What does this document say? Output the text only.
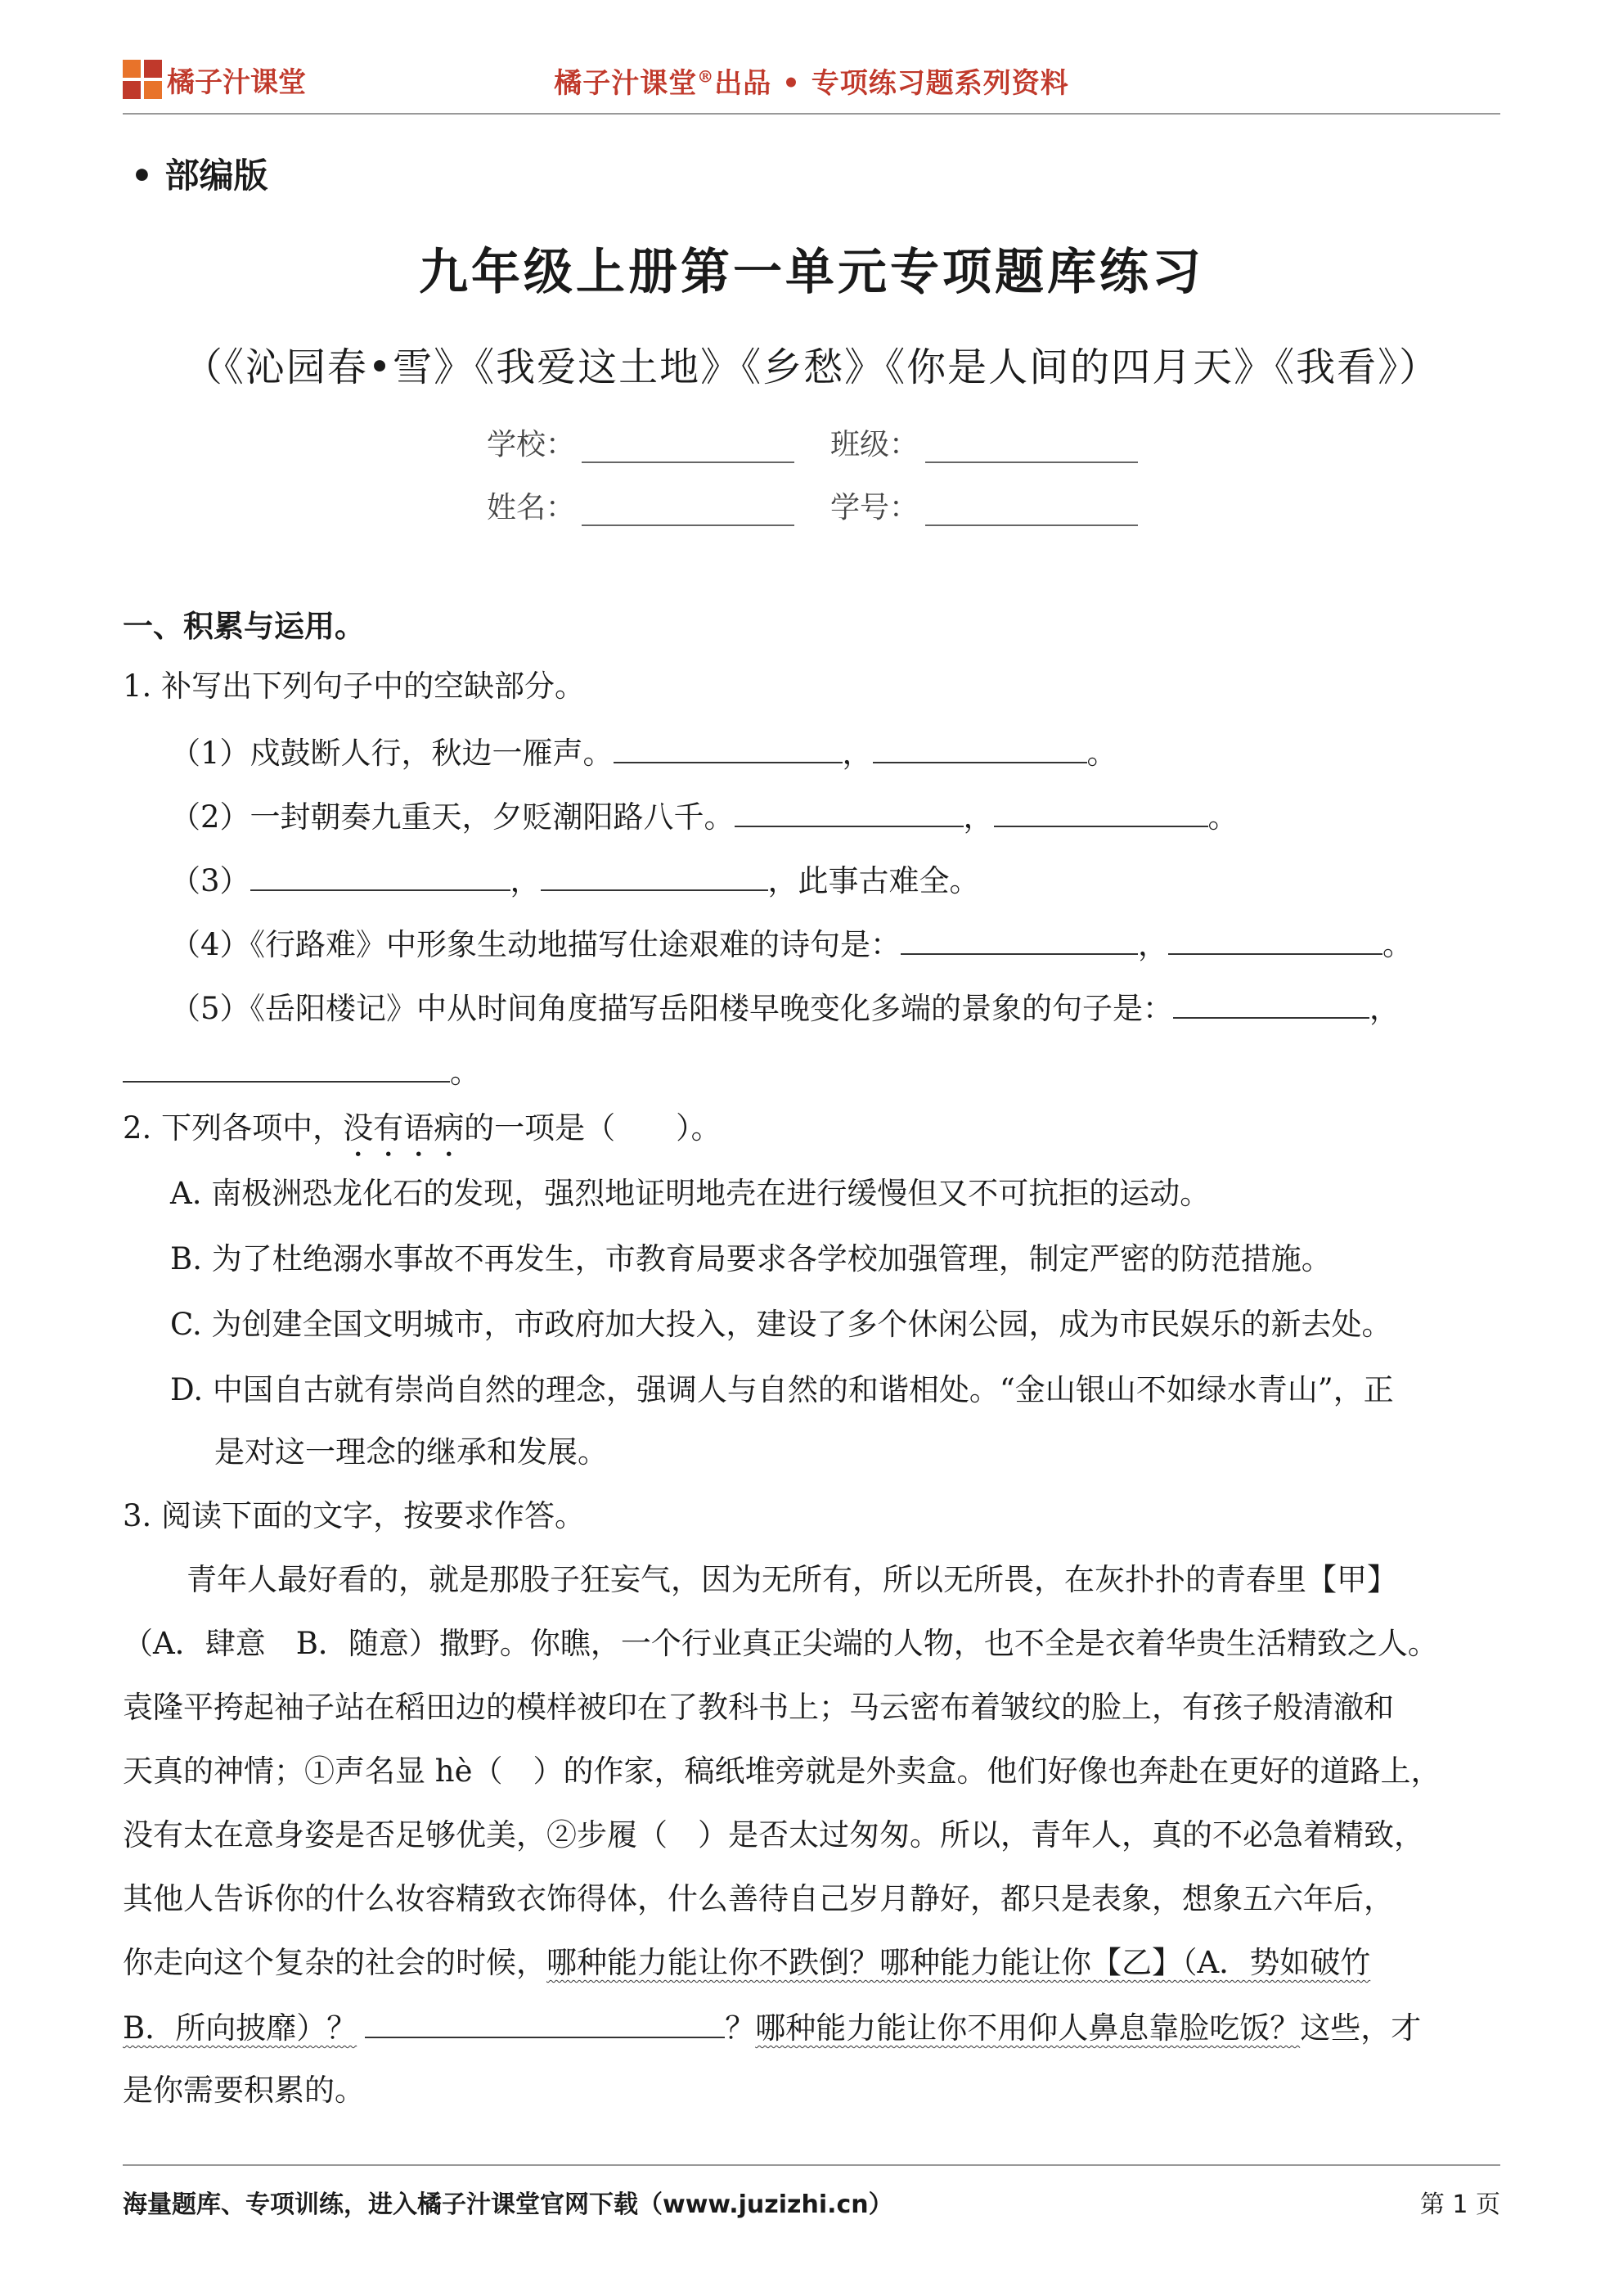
橘子汁课堂	橘子汁课堂®出品 • 专项练习题系列资料
• 部编版
九年级上册第一单元专项题库练习
（《沁园春•雪》《我爱这土地》《乡愁》《你是人间的四月天》《我看》）
学校：	班级：
姓名：	学号：
一、积累与运用。
1. 补写出下列句子中的空缺部分。
（1）戍鼓断人行，秋边一雁声。	，	。
（2）一封朝奏九重天，夕贬潮阳路八千。	，	。
（3）	，	，此事古难全。
（4）《行路难》中形象生动地描写仕途艰难的诗句是：	，	。
（5）《岳阳楼记》中从时间角度描写岳阳楼早晚变化多端的景象的句子是：	，
。
2. 下列各项中，没有语病的一项是（　　）。
A. 南极洲恐龙化石的发现，强烈地证明地壳在进行缓慢但又不可抗拒的运动。
B. 为了杜绝溺水事故不再发生，市教育局要求各学校加强管理，制定严密的防范措施。
C. 为创建全国文明城市，市政府加大投入，建设了多个休闲公园，成为市民娱乐的新去处。
D. 中国自古就有崇尚自然的理念，强调人与自然的和谐相处。“金山银山不如绿水青山”，正
是对这一理念的继承和发展。
3. 阅读下面的文字，按要求作答。
青年人最好看的，就是那股子狂妄气，因为无所有，所以无所畏，在灰扑扑的青春里【甲】
（A．肆意　B．随意）撒野。你瞧，一个行业真正尖端的人物，也不全是衣着华贵生活精致之人。
袁隆平挎起袖子站在稻田边的模样被印在了教科书上；马云密布着皱纹的脸上，有孩子般清澈和
天真的神情；①声名显 hè（　）的作家，稿纸堆旁就是外卖盒。他们好像也奔赴在更好的道路上，
没有太在意身姿是否足够优美，②步履（　）是否太过匆匆。所以，青年人，真的不必急着精致，
其他人告诉你的什么妆容精致衣饰得体，什么善待自己岁月静好，都只是表象，想象五六年后，
你走向这个复杂的社会的时候，哪种能力能让你不跌倒？哪种能力能让你【乙】（A．势如破竹
B．所向披靡）？	？哪种能力能让你不用仰人鼻息靠脸吃饭？这些，才
是你需要积累的。
海量题库、专项训练，进入橘子汁课堂官网下载（www.juzizhi.cn）	第 1 页
